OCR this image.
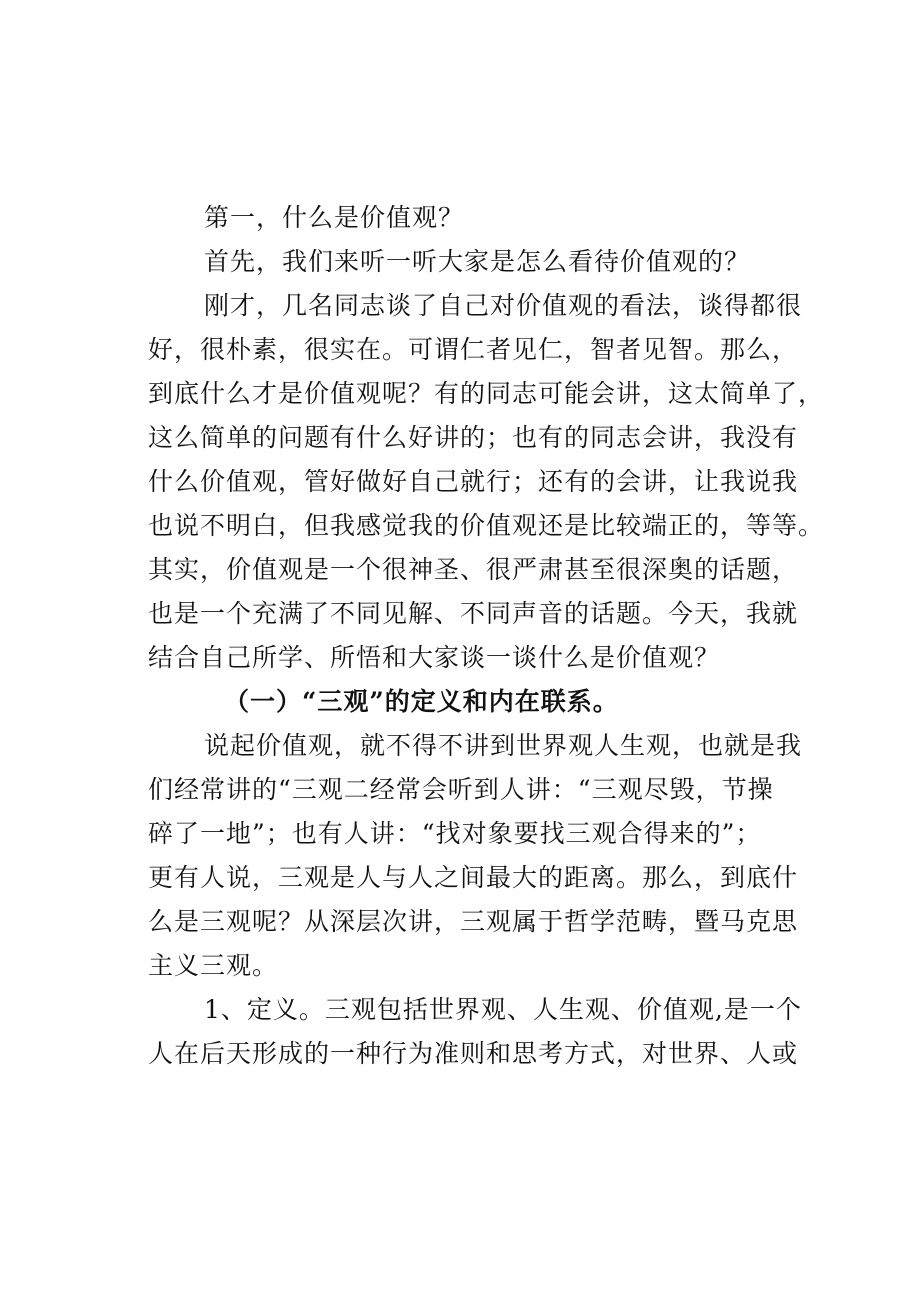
第一，什么是价值观？
首先，我们来听一听大家是怎么看待价值观的？
刚才，几名同志谈了自己对价值观的看法，谈得都很
好，很朴素，很实在。可谓仁者见仁，智者见智。那么，
到底什么才是价值观呢？有的同志可能会讲，这太简单了，
这么简单的问题有什么好讲的；也有的同志会讲，我没有
什么价值观，管好做好自己就行；还有的会讲，让我说我
也说不明白，但我感觉我的价值观还是比较端正的，等等。
其实，价值观是一个很神圣、很严肃甚至很深奥的话题，
也是一个充满了不同见解、不同声音的话题。今天，我就
结合自己所学、所悟和大家谈一谈什么是价值观？
（一）“三观”的定义和内在联系。
说起价值观，就不得不讲到世界观人生观，也就是我
们经常讲的“三观二经常会听到人讲：“三观尽毁，节操
碎了一地”；也有人讲：“找对象要找三观合得来的”；
更有人说，三观是人与人之间最大的距离。那么，到底什
么是三观呢？从深层次讲，三观属于哲学范畴，暨马克思
主义三观。
1、定义。三观包括世界观、人生观、价值观,是一个
人在后天形成的一种行为准则和思考方式，对世界、人或
